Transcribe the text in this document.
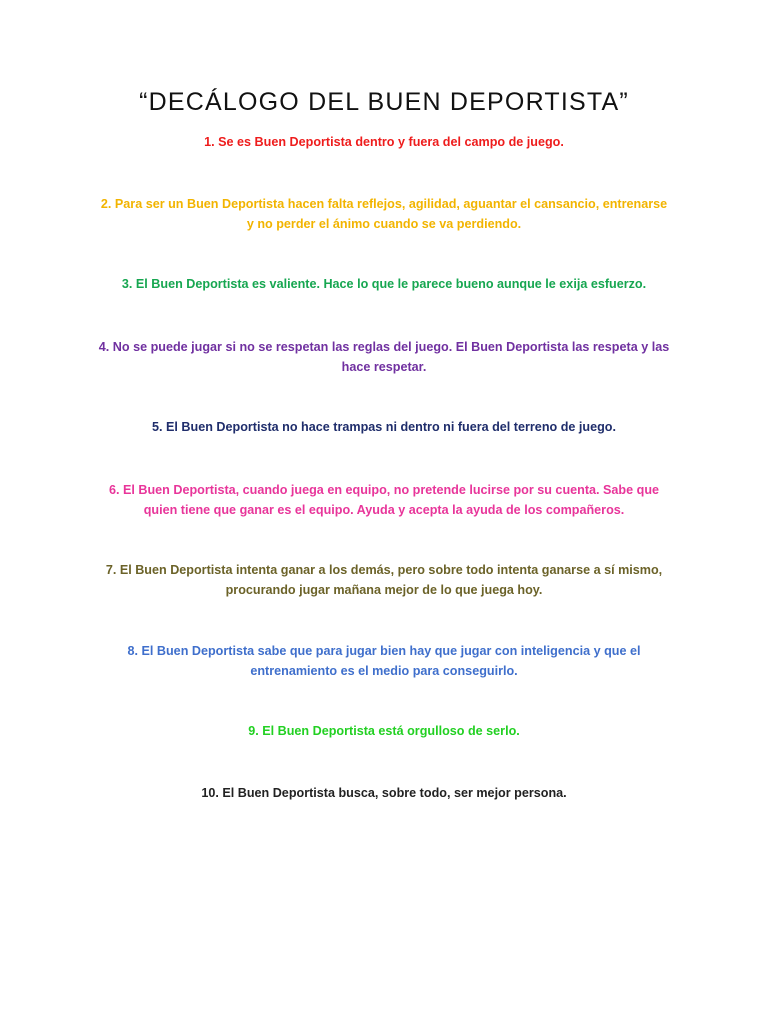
“DECÁLOGO DEL BUEN DEPORTISTA”

1. Se es Buen Deportista dentro y fuera del campo de juego.

2. Para ser un Buen Deportista hacen falta reflejos, agilidad, aguantar el cansancio, entrenarse y no perder el ánimo cuando se va perdiendo.

3. El Buen Deportista es valiente. Hace lo que le parece bueno aunque le exija esfuerzo.

4. No se puede jugar si no se respetan las reglas del juego. El Buen Deportista las respeta y las hace respetar.

5. El Buen Deportista no hace trampas ni dentro ni fuera del terreno de juego.

6. El Buen Deportista, cuando juega en equipo, no pretende lucirse por su cuenta. Sabe que quien tiene que ganar es el equipo. Ayuda y acepta la ayuda de los compañeros.

7. El Buen Deportista intenta ganar a los demás, pero sobre todo intenta ganarse a sí mismo, procurando jugar mañana mejor de lo que juega hoy.

8. El Buen Deportista sabe que para jugar bien hay que jugar con inteligencia y que el entrenamiento es el medio para conseguirlo.

9. El Buen Deportista está orgulloso de serlo.

10. El Buen Deportista busca, sobre todo, ser mejor persona.
